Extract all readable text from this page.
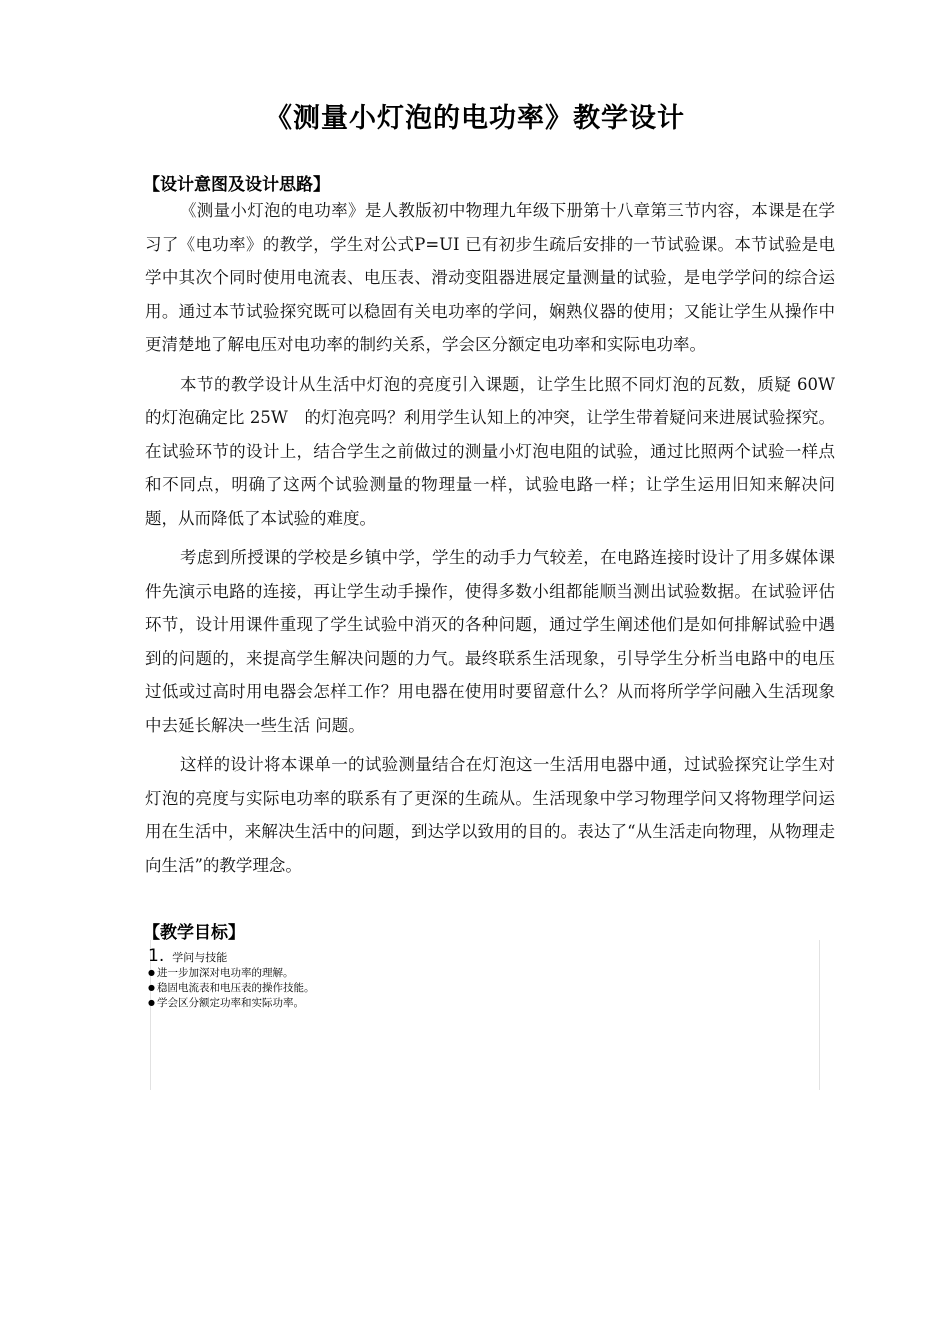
《测量小灯泡的电功率》教学设计
【设计意图及设计思路】

《测量小灯泡的电功率》是人教版初中物理九年级下册第十八章第三节内容，本课是在学习了《电功率》的教学，学生对公式P=UI 已有初步生疏后安排的一节试验课。本节试验是电学中其次个同时使用电流表、电压表、滑动变阻器进展定量测量的试验，是电学学问的综合运用。通过本节试验探究既可以稳固有关电功率的学问，娴熟仪器的使用；又能让学生从操作中更清楚地了解电压对电功率的制约关系，学会区分额定电功率和实际电功率。

本节的教学设计从生活中灯泡的亮度引入课题，让学生比照不同灯泡的瓦数，质疑 60W　的灯泡确定比 25W　的灯泡亮吗？利用学生认知上的冲突，让学生带着疑问来进展试验探究。 在试验环节的设计上，结合学生之前做过的测量小灯泡电阻的试验，通过比照两个试验一样点和不同点，明确了这两个试验测量的物理量一样，试验电路一样；让学生运用旧知来解决问题，从而降低了本试验的难度。

考虑到所授课的学校是乡镇中学，学生的动手力气较差，在电路连接时设计了用多媒体课件先演示电路的连接，再让学生动手操作，使得多数小组都能顺当测出试验数据。在试验评估环节，设计用课件重现了学生试验中消灭的各种问题，通过学生阐述他们是如何排解试验中遇到的问题的，来提高学生解决问题的力气。最终联系生活现象，引导学生分析当电路中的电压过低或过高时用电器会怎样工作？用电器在使用时要留意什么？从而将所学学问融入生活现象中去延长解决一些生活 问题。

这样的设计将本课单一的试验测量结合在灯泡这一生活用电器中通，过试验探究让学生对灯泡的亮度与实际电功率的联系有了更深的生疏从。生活现象中学习物理学问又将物理学问运用在生活中，来解决生活中的问题，到达学以致用的目的。表达了“从生活走向物理，从物理走向生活”的教学理念。

【教学目标】
1. 学问与技能
● 进一步加深对电功率的理解。
● 稳固电流表和电压表的操作技能。
● 学会区分额定功率和实际功率。
